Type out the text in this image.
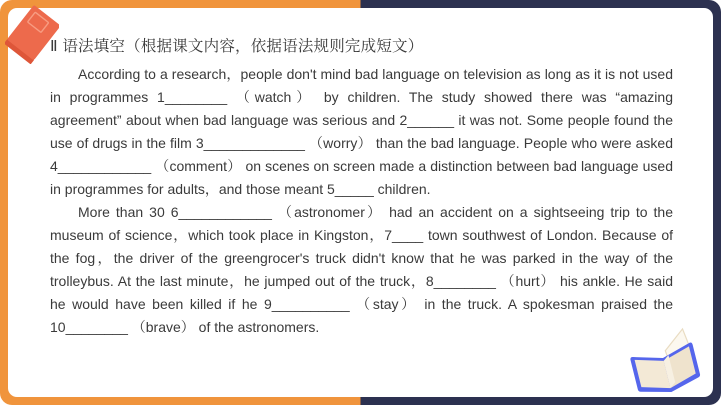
Ⅱ 语法填空（根据课文内容，依据语法规则完成短文）

According to a research，people don't mind bad language on television as long as it is not used in programmes 1________ （watch） by children. The study showed there was “amazing agreement” about when bad language was serious and 2______ it was not. Some people found the use of drugs in the film 3_____________ （worry） than the bad language. People who were asked 4____________ （comment） on scenes on screen made a distinction between bad language used in programmes for adults，and those meant 5_____ children.

More than 30 6____________ （astronomer） had an accident on a sightseeing trip to the museum of science，which took place in Kingston，7____ town southwest of London. Because of the fog，the driver of the greengrocer's truck didn't know that he was parked in the way of the trolleybus. At the last minute，he jumped out of the truck，8________ （hurt） his ankle. He said he would have been killed if he 9__________ （stay） in the truck. A spokesman praised the 10________ （brave） of the astronomers.
